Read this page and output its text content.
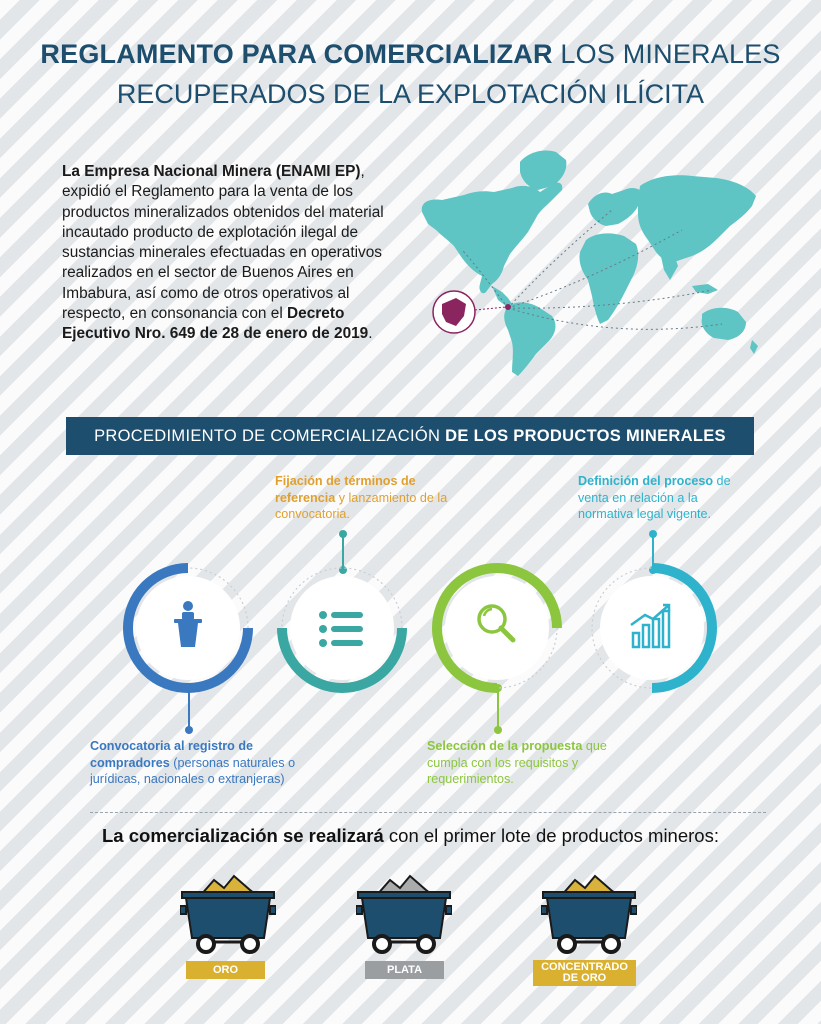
REGLAMENTO PARA COMERCIALIZAR LOS MINERALES
RECUPERADOS DE LA EXPLOTACIÓN ILÍCITA
La Empresa Nacional Minera (ENAMI EP), expidió el Reglamento para la venta de los productos mineralizados obtenidos del material incautado producto de explotación ilegal de sustancias minerales efectuadas en operativos realizados en el sector de Buenos Aires en Imbabura, así como de otros operativos al respecto, en consonancia con el Decreto Ejecutivo Nro. 649 de 28 de enero de 2019.
PROCEDIMIENTO DE COMERCIALIZACIÓN DE LOS PRODUCTOS MINERALES
Convocatoria al registro de compradores (personas naturales o jurídicas, nacionales o extranjeras)
Fijación de términos de referencia y lanzamiento de la convocatoria.
Selección de la propuesta que cumpla con los requisitos y requerimientos.
Definición del proceso de venta en relación a la normativa legal vigente.
La comercialización se realizará con el primer lote de productos mineros:
ORO	PLATA	CONCENTRADO
DE ORO
